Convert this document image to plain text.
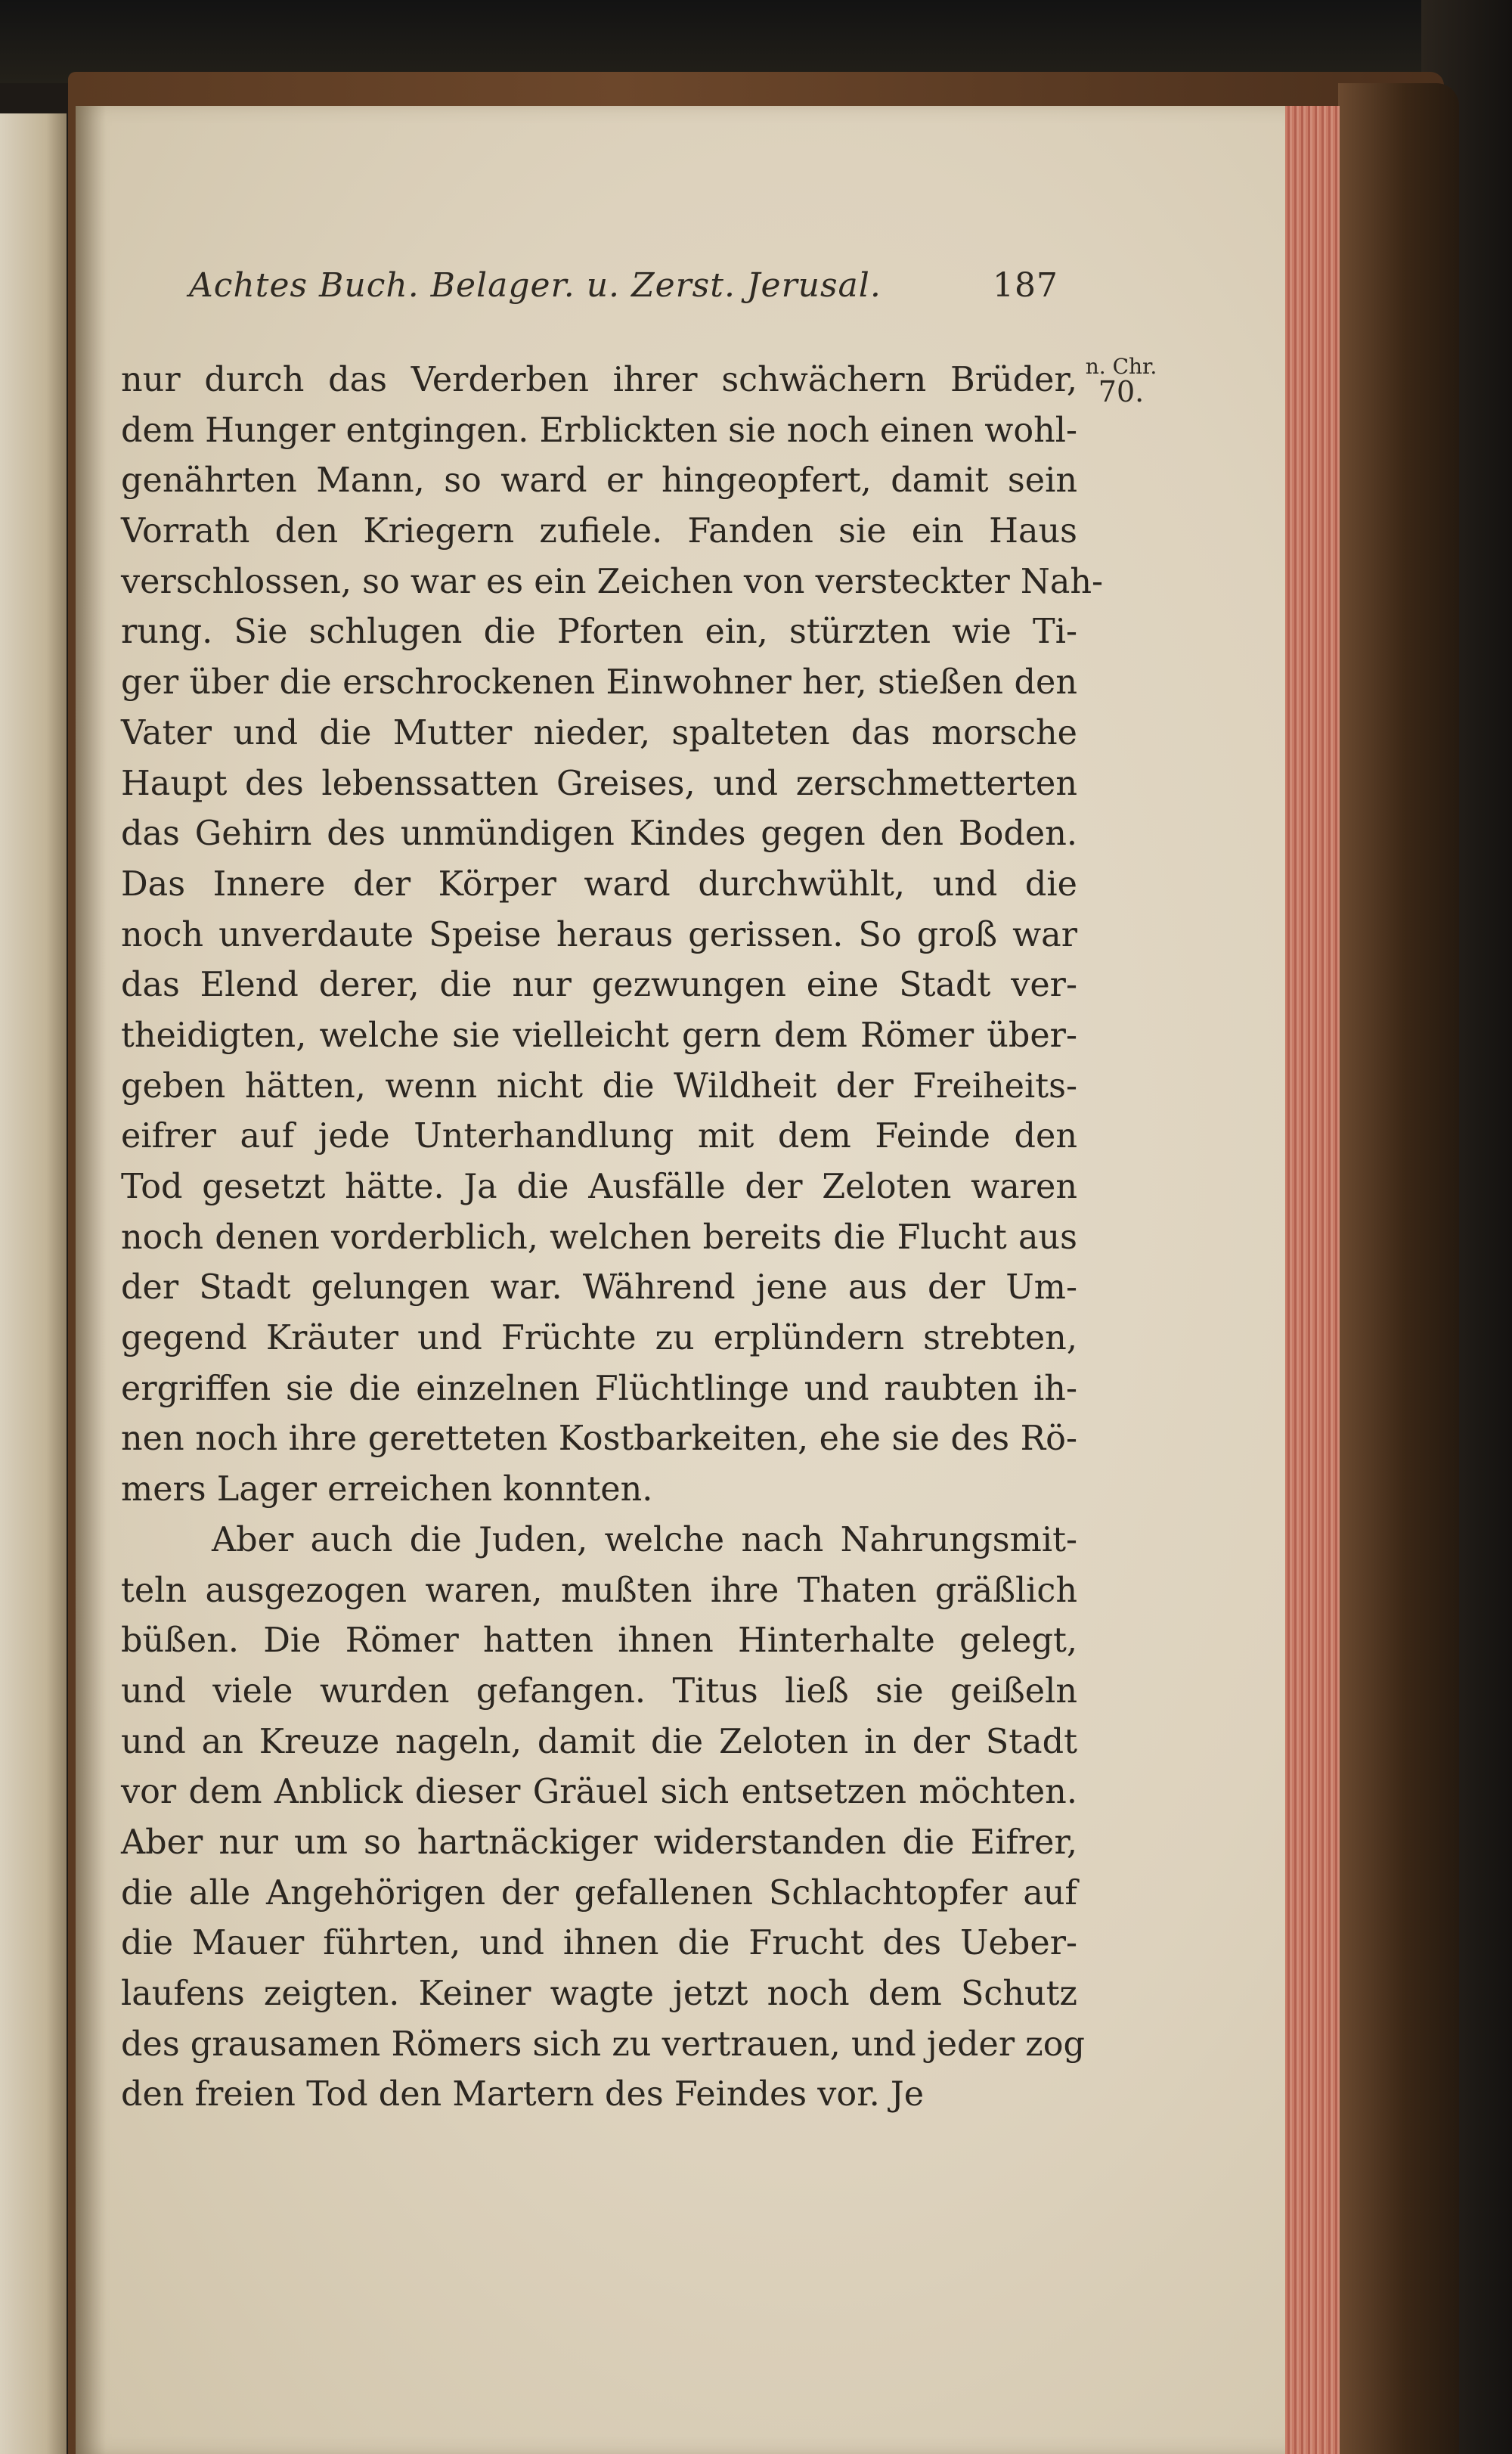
Achtes Buch. Belager. u. Zerst. Jerusal.	187
n. Chr.
70.
nur durch das Verderben ihrer schwächern Brüder,
dem Hunger entgingen. Erblickten sie noch einen wohl-
genährten Mann, so ward er hingeopfert, damit sein
Vorrath den Kriegern zufiele. Fanden sie ein Haus
verschlossen, so war es ein Zeichen von versteckter Nah-
rung. Sie schlugen die Pforten ein, stürzten wie Ti-
ger über die erschrockenen Einwohner her, stießen den
Vater und die Mutter nieder, spalteten das morsche
Haupt des lebenssatten Greises, und zerschmetterten
das Gehirn des unmündigen Kindes gegen den Boden.
Das Innere der Körper ward durchwühlt, und die
noch unverdaute Speise heraus gerissen. So groß war
das Elend derer, die nur gezwungen eine Stadt ver-
theidigten, welche sie vielleicht gern dem Römer über-
geben hätten, wenn nicht die Wildheit der Freiheits-
eifrer auf jede Unterhandlung mit dem Feinde den
Tod gesetzt hätte. Ja die Ausfälle der Zeloten waren
noch denen vorderblich, welchen bereits die Flucht aus
der Stadt gelungen war. Während jene aus der Um-
gegend Kräuter und Früchte zu erplündern strebten,
ergriffen sie die einzelnen Flüchtlinge und raubten ih-
nen noch ihre geretteten Kostbarkeiten, ehe sie des Rö-
mers Lager erreichen konnten.
Aber auch die Juden, welche nach Nahrungsmit-
teln ausgezogen waren, mußten ihre Thaten gräßlich
büßen. Die Römer hatten ihnen Hinterhalte gelegt,
und viele wurden gefangen. Titus ließ sie geißeln
und an Kreuze nageln, damit die Zeloten in der Stadt
vor dem Anblick dieser Gräuel sich entsetzen möchten.
Aber nur um so hartnäckiger widerstanden die Eifrer,
die alle Angehörigen der gefallenen Schlachtopfer auf
die Mauer führten, und ihnen die Frucht des Ueber-
laufens zeigten. Keiner wagte jetzt noch dem Schutz
des grausamen Römers sich zu vertrauen, und jeder zog
den freien Tod den Martern des Feindes vor. Je
